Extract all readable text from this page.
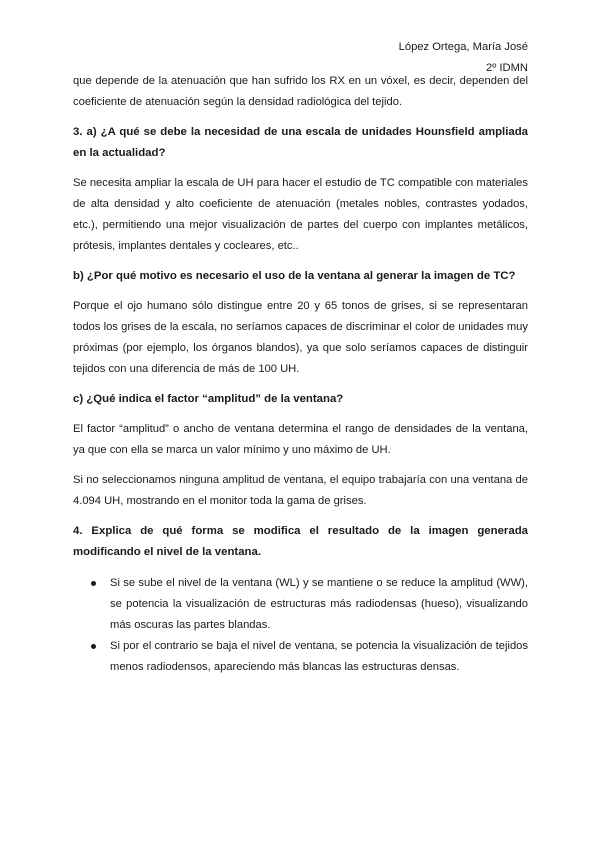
López Ortega, María José
2º IDMN

que depende de la atenuación que han sufrido los RX en un vóxel, es decir, dependen del coeficiente de atenuación según la densidad radiológica del tejido.

3. a) ¿A qué se debe la necesidad de una escala de unidades Hounsfield ampliada en la actualidad?

Se necesita ampliar la escala de UH para hacer el estudio de TC compatible con materiales de alta densidad y alto coeficiente de atenuación (metales nobles, contrastes yodados, etc.), permitiendo una mejor visualización de partes del cuerpo con implantes metálicos, prótesis, implantes dentales y cocleares, etc..

b) ¿Por qué motivo es necesario el uso de la ventana al generar la imagen de TC?

Porque el ojo humano sólo distingue entre 20 y 65 tonos de grises, si se representaran todos los grises de la escala, no seríamos capaces de discriminar el color de unidades muy próximas (por ejemplo, los órganos blandos), ya que solo seríamos capaces de distinguir tejidos con una diferencia de más de 100 UH.

c) ¿Qué indica el factor “amplitud” de la ventana?

El factor “amplitud” o ancho de ventana determina el rango de densidades de la ventana, ya que con ella se marca un valor mínimo y uno máximo de UH.

Si no seleccionamos ninguna amplitud de ventana, el equipo trabajaría con una ventana de 4.094 UH, mostrando en el monitor toda la gama de grises.

4. Explica de qué forma se modifica el resultado de la imagen generada modificando el nivel de la ventana.

Si se sube el nivel de la ventana (WL) y se mantiene o se reduce la amplitud (WW), se potencia la visualización de estructuras más radiodensas (hueso), visualizando más oscuras las partes blandas.

Si por el contrario se baja el nivel de ventana, se potencia la visualización de tejidos menos radiodensos, apareciendo más blancas las estructuras densas.
